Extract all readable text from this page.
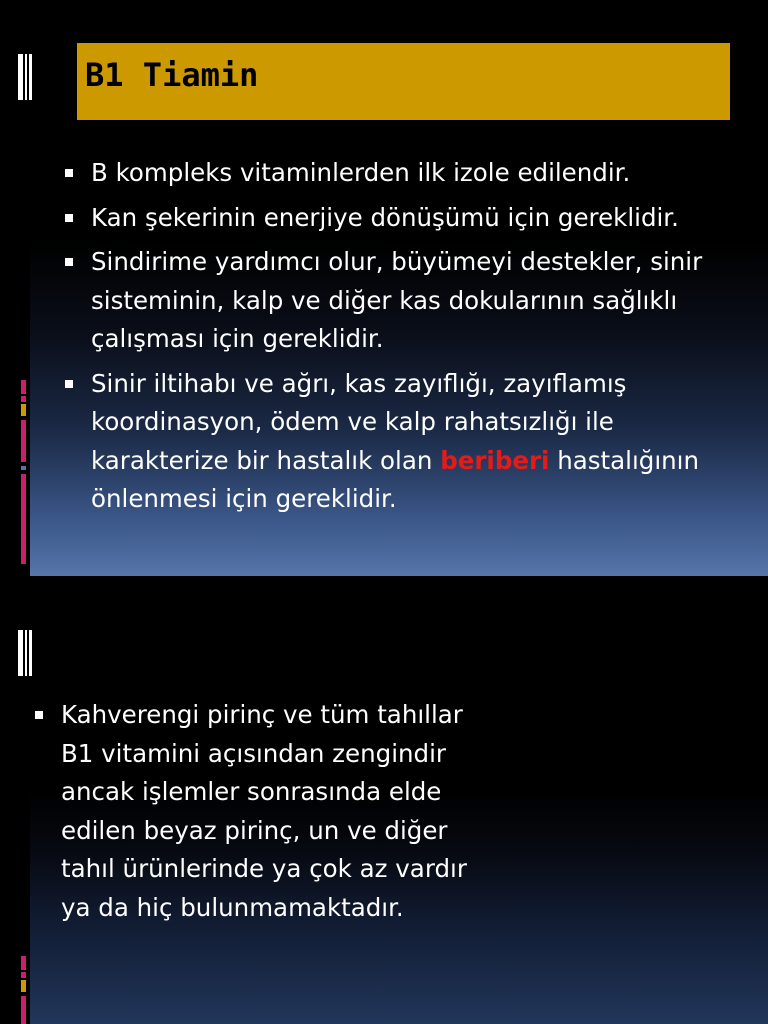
B1 Tiamin
B kompleks vitaminlerden ilk izole edilendir.
Kan şekerinin enerjiye dönüşümü için gereklidir.
Sindirime yardımcı olur, büyümeyi destekler, sinir sisteminin, kalp ve diğer kas dokularının sağlıklı çalışması için gereklidir.
Sinir iltihabı ve ağrı, kas zayıflığı, zayıflamış koordinasyon, ödem ve kalp rahatsızlığı ile karakterize bir hastalık olan beriberi hastalığının önlenmesi için gereklidir.
Kahverengi pirinç ve tüm tahıllar B1 vitamini açısından zengindir ancak işlemler sonrasında elde edilen beyaz pirinç, un ve diğer tahıl ürünlerinde ya çok az vardır ya da hiç bulunmamaktadır.
